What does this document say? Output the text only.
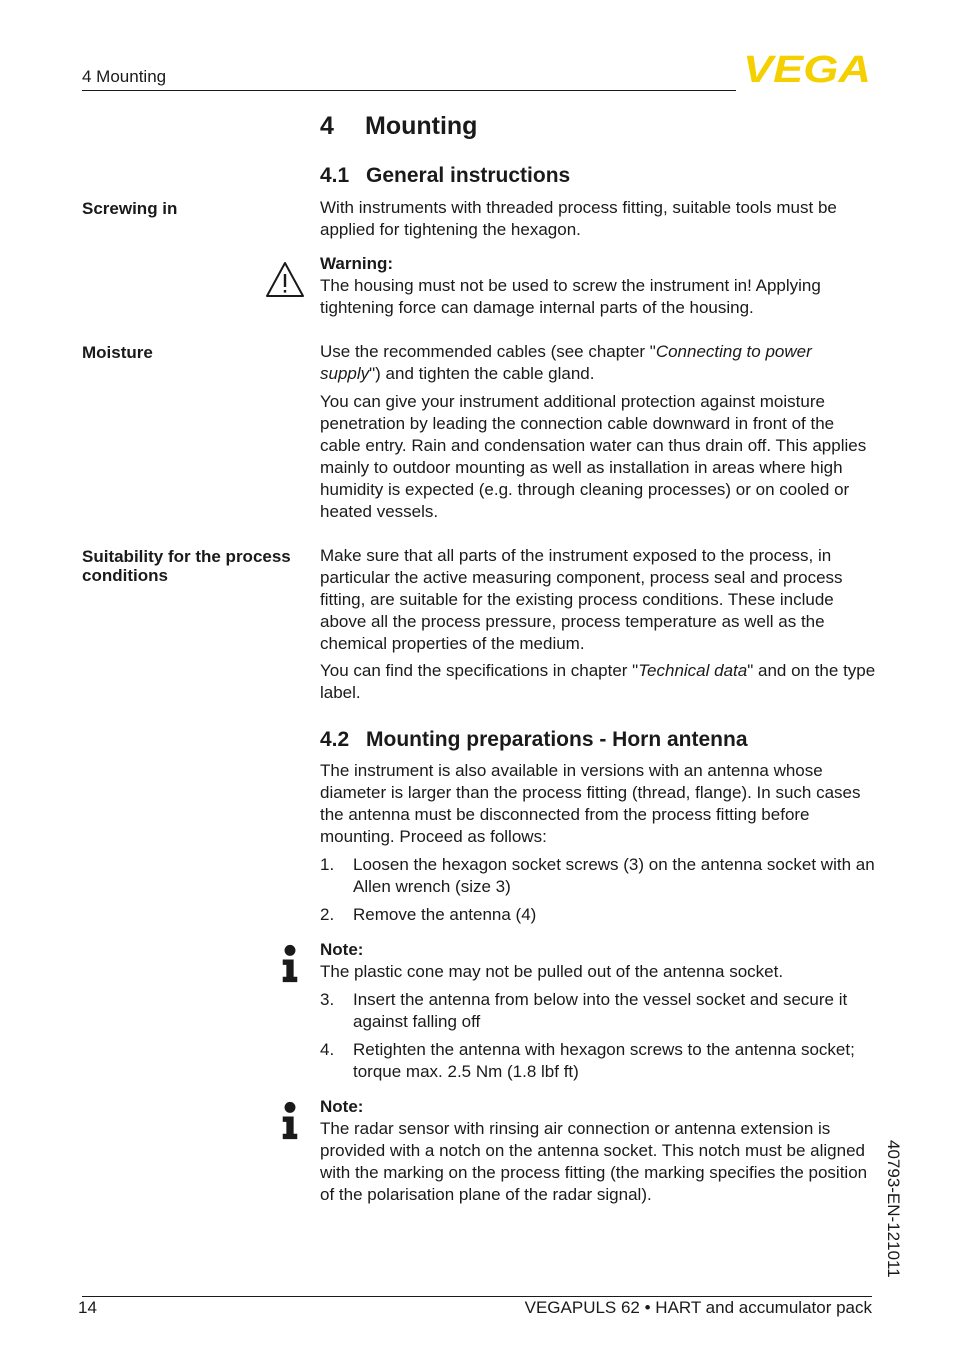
4 Mounting	VEGA
4 Mounting
4.1 General instructions
Screwing in	With instruments with threaded process fitting, suitable tools must be applied for tightening the hexagon.
Warning:
The housing must not be used to screw the instrument in! Applying tightening force can damage internal parts of the housing.
Moisture	Use the recommended cables (see chapter "Connecting to power supply") and tighten the cable gland.
You can give your instrument additional protection against moisture penetration by leading the connection cable downward in front of the cable entry. Rain and condensation water can thus drain off. This applies mainly to outdoor mounting as well as installation in areas where high humidity is expected (e.g. through cleaning processes) or on cooled or heated vessels.
Suitability for the process conditions
Make sure that all parts of the instrument exposed to the process, in particular the active measuring component, process seal and process fitting, are suitable for the existing process conditions. These include above all the process pressure, process temperature as well as the chemical properties of the medium.
You can find the specifications in chapter "Technical data" and on the type label.
4.2 Mounting preparations - Horn antenna
The instrument is also available in versions with an antenna whose diameter is larger than the process fitting (thread, flange). In such cases the antenna must be disconnected from the process fitting before mounting. Proceed as follows:
1. Loosen the hexagon socket screws (3) on the antenna socket with an Allen wrench (size 3)
2. Remove the antenna (4)
Note:
The plastic cone may not be pulled out of the antenna socket.
3. Insert the antenna from below into the vessel socket and secure it against falling off
4. Retighten the antenna with hexagon screws to the antenna socket; torque max. 2.5 Nm (1.8 lbf ft)
Note:
The radar sensor with rinsing air connection or antenna extension is provided with a notch on the antenna socket. This notch must be aligned with the marking on the process fitting (the marking specifies the position of the polarisation plane of the radar signal).	40793-EN-121011
14	VEGAPULS 62 • HART and accumulator pack
